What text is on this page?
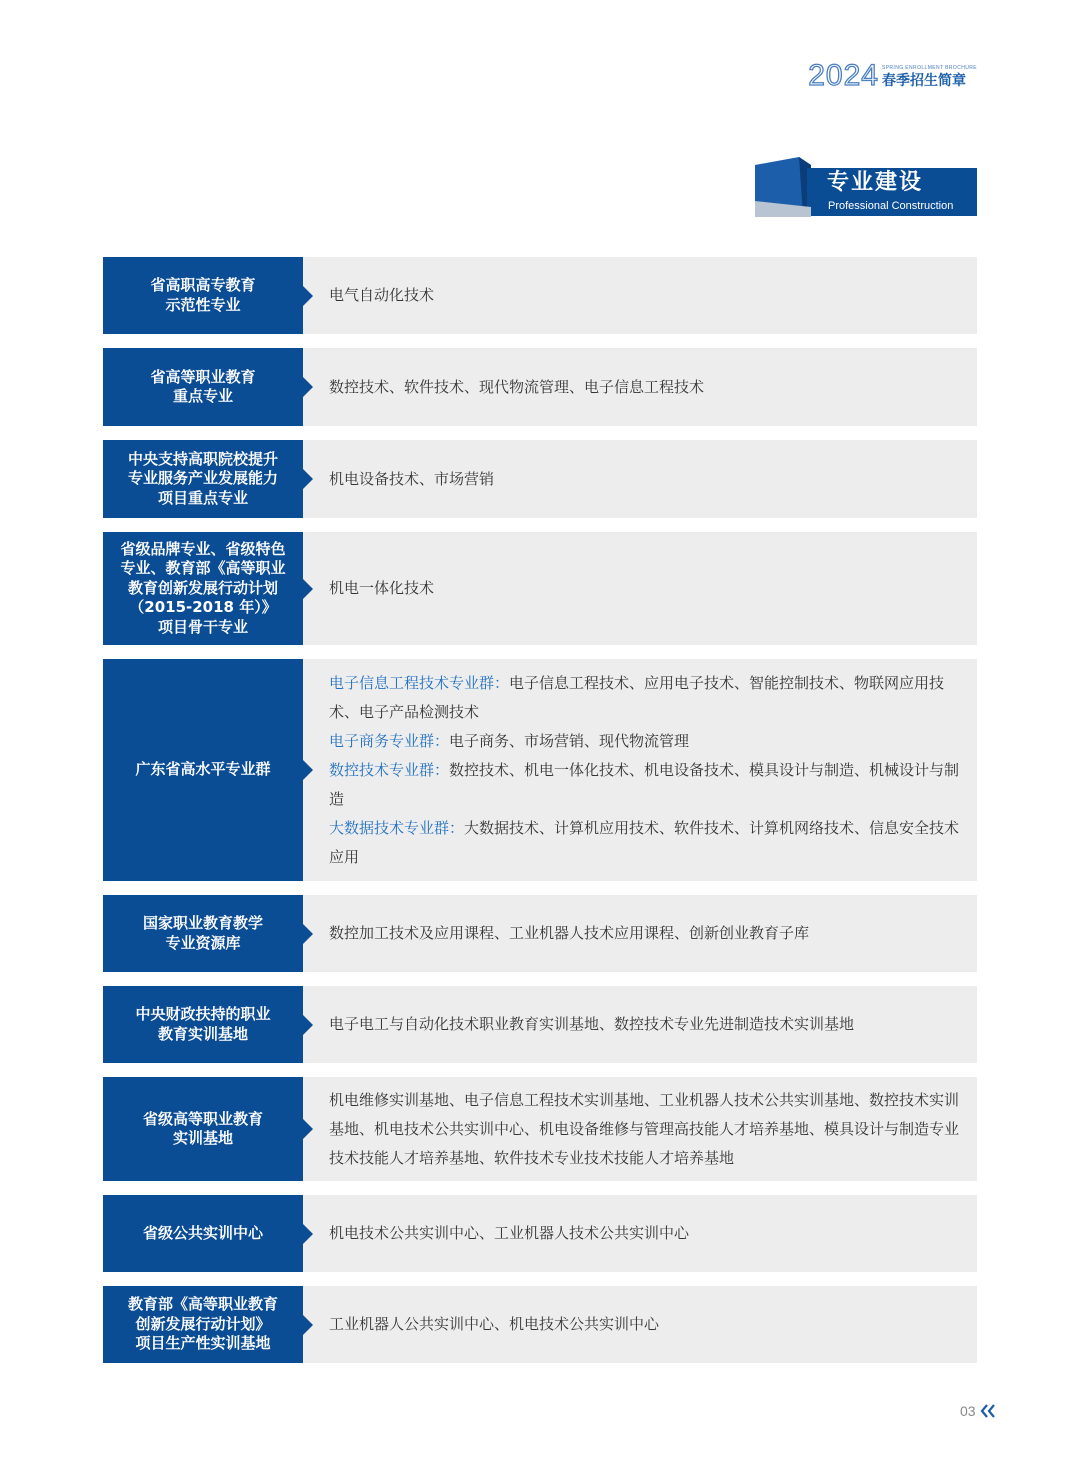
2024 SPRING ENROLLMENT BROCHURE
春季招生简章
专业建设
Professional Construction
省高职高专教育
示范性专业
电气自动化技术
省高等职业教育
重点专业
数控技术、软件技术、现代物流管理、电子信息工程技术
中央支持高职院校提升
专业服务产业发展能力
项目重点专业
机电设备技术、市场营销
省级品牌专业、省级特色
专业、教育部《高等职业
教育创新发展行动计划
（2015-2018 年）》
项目骨干专业
机电一体化技术
广东省高水平专业群
电子信息工程技术专业群：电子信息工程技术、应用电子技术、智能控制技术、物联网应用技术、电子产品检测技术
电子商务专业群：电子商务、市场营销、现代物流管理
数控技术专业群：数控技术、机电一体化技术、机电设备技术、模具设计与制造、机械设计与制造
大数据技术专业群：大数据技术、计算机应用技术、软件技术、计算机网络技术、信息安全技术应用
国家职业教育教学
专业资源库
数控加工技术及应用课程、工业机器人技术应用课程、创新创业教育子库
中央财政扶持的职业
教育实训基地
电子电工与自动化技术职业教育实训基地、数控技术专业先进制造技术实训基地
省级高等职业教育
实训基地
机电维修实训基地、电子信息工程技术实训基地、工业机器人技术公共实训基地、数控技术实训基地、机电技术公共实训中心、机电设备维修与管理高技能人才培养基地、模具设计与制造专业技术技能人才培养基地、软件技术专业技术技能人才培养基地
省级公共实训中心	机电技术公共实训中心、工业机器人技术公共实训中心
教育部《高等职业教育
创新发展行动计划》
项目生产性实训基地
工业机器人公共实训中心、机电技术公共实训中心
03
